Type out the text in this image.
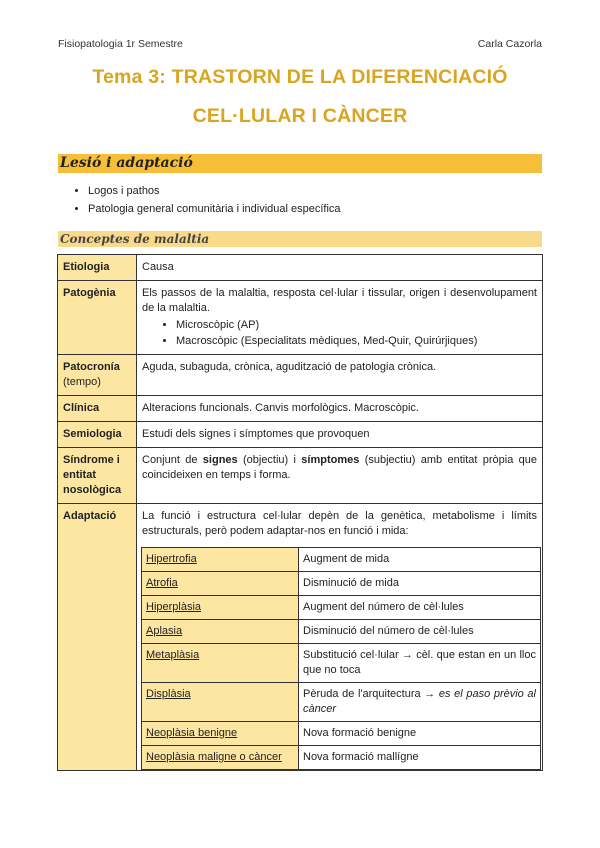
Fisiopatologia 1r Semestre	Carla Cazorla
Tema 3: TRASTORN DE LA DIFERENCIACIÓ
CEL·LULAR I CÀNCER
Lesió i adaptació
• Logos i pathos
• Patologia general comunitària i individual específica
Conceptes de malaltia
Etiologia	Causa
Patogènia	Els passos de la malaltia, resposta cel·lular i tissular, origen i desenvolupament de la malaltia.
• Microscòpic (AP)
• Macroscòpic (Especialitats mèdiques, Med-Quir, Quirúrjiques)

Patocronía
(tempo)	Aguda, subaguda, crònica, agudització de patologia crònica.
Clínica	Alteracions funcionals. Canvis morfològics. Macroscòpic.
Semiologia	Estudi dels signes i símptomes que provoquen
Síndrome i entitat nosològica	Conjunt de signes (objectiu) i símptomes (subjectiu) amb entitat pròpia que coincideixen en temps i forma.
Adaptació	La funció i estructura cel·lular depèn de la genètica, metabolisme i límits estructurals, però podem adaptar-nos en funció i mida:
Hipertrofia	Augment de mida
Atrofia	Disminució de mida
Hiperplàsia	Augment del número de cèl·lules
Aplasia	Disminució del número de cèl·lules
Metaplàsia	Substitució cel·lular → cèl. que estan en un lloc que no toca
Displàsia	Pèruda de l'arquitectura → es el paso prèvio al càncer
Neoplàsia benigne	Nova formació benigne
Neoplàsia maligne o càncer	Nova formació mallígne
